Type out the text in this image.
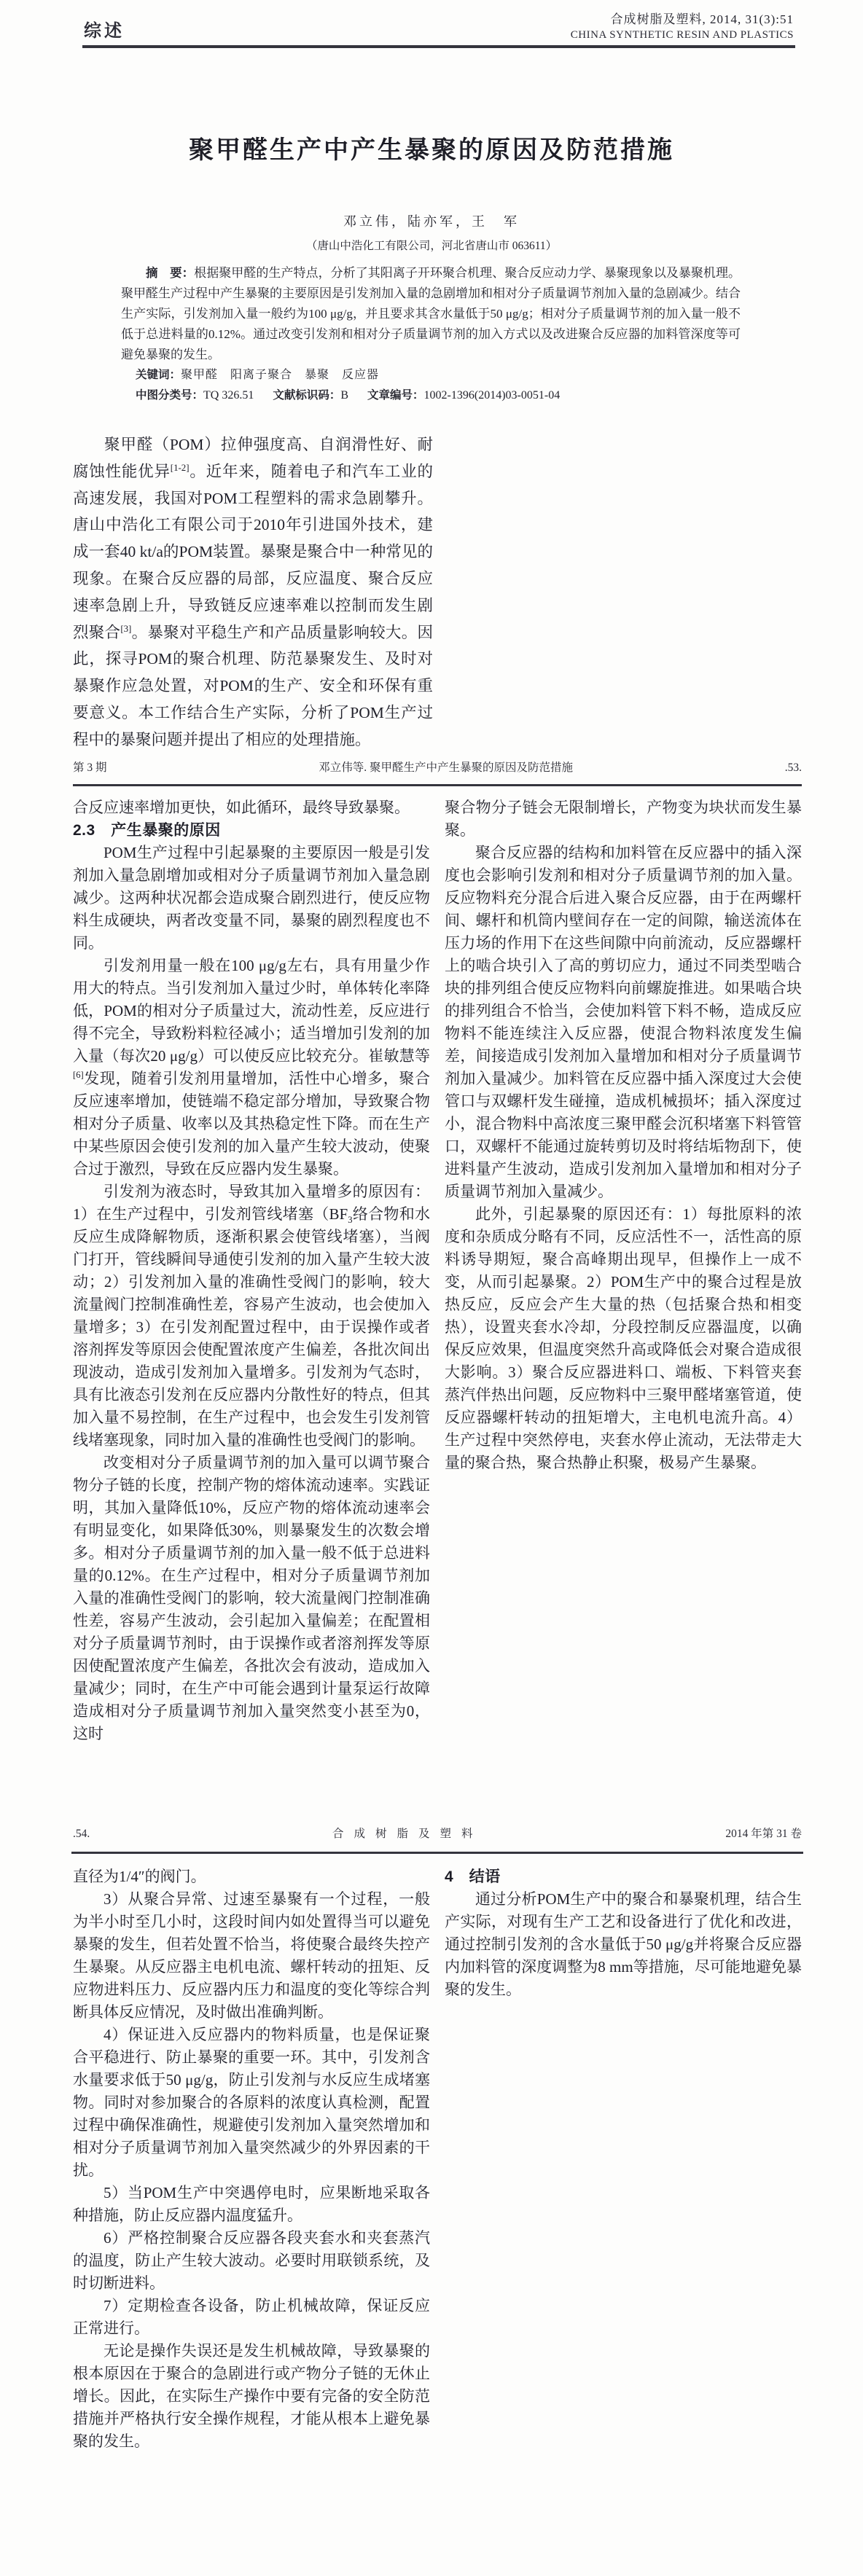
综述
合成树脂及塑料, 2014, 31(3):51
CHINA SYNTHETIC RESIN AND PLASTICS
聚甲醛生产中产生暴聚的原因及防范措施
邓立伟，陆亦军，王　军
（唐山中浩化工有限公司，河北省唐山市 063611）

摘　要：根据聚甲醛的生产特点，分析了其阳离子开环聚合机理、聚合反应动力学、暴聚现象以及暴聚机理。聚甲醛生产过程中产生暴聚的主要原因是引发剂加入量的急剧增加和相对分子质量调节剂加入量的急剧减少。结合生产实际，引发剂加入量一般约为100 μg/g，并且要求其含水量低于50 μg/g；相对分子质量调节剂的加入量一般不低于总进料量的0.12%。通过改变引发剂和相对分子质量调节剂的加入方式以及改进聚合反应器的加料管深度等可避免暴聚的发生。

关键词：聚甲醛　阳离子聚合　暴聚　反应器

中图分类号：TQ 326.51 文献标识码：B 文章编号：1002-1396(2014)03-0051-04

聚甲醛（POM）拉伸强度高、自润滑性好、耐腐蚀性能优异[1-2]。近年来，随着电子和汽车工业的高速发展，我国对POM工程塑料的需求急剧攀升。唐山中浩化工有限公司于2010年引进国外技术，建成一套40 kt/a的POM装置。暴聚是聚合中一种常见的现象。在聚合反应器的局部，反应温度、聚合反应速率急剧上升，导致链反应速率难以控制而发生剧烈聚合[3]。暴聚对平稳生产和产品质量影响较大。因此，探寻POM的聚合机理、防范暴聚发生、及时对暴聚作应急处置，对POM的生产、安全和环保有重要意义。本工作结合生产实际，分析了POM生产过程中的暴聚问题并提出了相应的处理措施。

第 3 期	邓立伟等. 聚甲醛生产中产生暴聚的原因及防范措施	.53.

合反应速率增加更快，如此循环，最终导致暴聚。

2.3　产生暴聚的原因

POM生产过程中引起暴聚的主要原因一般是引发剂加入量急剧增加或相对分子质量调节剂加入量急剧减少。这两种状况都会造成聚合剧烈进行，使反应物料生成硬块，两者改变量不同，暴聚的剧烈程度也不同。

引发剂用量一般在100 μg/g左右，具有用量少作用大的特点。当引发剂加入量过少时，单体转化率降低，POM的相对分子质量过大，流动性差，反应进行得不完全，导致粉料粒径减小；适当增加引发剂的加入量（每次20 μg/g）可以使反应比较充分。崔敏慧等[6]发现，随着引发剂用量增加，活性中心增多，聚合反应速率增加，使链端不稳定部分增加，导致聚合物相对分子质量、收率以及其热稳定性下降。而在生产中某些原因会使引发剂的加入量产生较大波动，使聚合过于激烈，导致在反应器内发生暴聚。

引发剂为液态时，导致其加入量增多的原因有：1）在生产过程中，引发剂管线堵塞（$BF_3$络合物和水反应生成降解物质，逐渐积累会使管线堵塞），当阀门打开，管线瞬间导通使引发剂的加入量产生较大波动；2）引发剂加入量的准确性受阀门的影响，较大流量阀门控制准确性差，容易产生波动，也会使加入量增多；3）在引发剂配置过程中，由于误操作或者溶剂挥发等原因会使配置浓度产生偏差，各批次间出现波动，造成引发剂加入量增多。引发剂为气态时，具有比液态引发剂在反应器内分散性好的特点，但其加入量不易控制，在生产过程中，也会发生引发剂管线堵塞现象，同时加入量的准确性也受阀门的影响。

改变相对分子质量调节剂的加入量可以调节聚合物分子链的长度，控制产物的熔体流动速率。实践证明，其加入量降低10%，反应产物的熔体流动速率会有明显变化，如果降低30%，则暴聚发生的次数会增多。相对分子质量调节剂的加入量一般不低于总进料量的0.12%。在生产过程中，相对分子质量调节剂加入量的准确性受阀门的影响，较大流量阀门控制准确性差，容易产生波动，会引起加入量偏差；在配置相对分子质量调节剂时，由于误操作或者溶剂挥发等原因使配置浓度产生偏差，各批次会有波动，造成加入量减少；同时，在生产中可能会遇到计量泵运行故障造成相对分子质量调节剂加入量突然变小甚至为0，这时

聚合物分子链会无限制增长，产物变为块状而发生暴聚。

聚合反应器的结构和加料管在反应器中的插入深度也会影响引发剂和相对分子质量调节剂的加入量。反应物料充分混合后进入聚合反应器，由于在两螺杆间、螺杆和机筒内壁间存在一定的间隙，输送流体在压力场的作用下在这些间隙中向前流动，反应器螺杆上的啮合块引入了高的剪切应力，通过不同类型啮合块的排列组合使反应物料向前螺旋推进。如果啮合块的排列组合不恰当，会使加料管下料不畅，造成反应物料不能连续注入反应器，使混合物料浓度发生偏差，间接造成引发剂加入量增加和相对分子质量调节剂加入量减少。加料管在反应器中插入深度过大会使管口与双螺杆发生碰撞，造成机械损坏；插入深度过小，混合物料中高浓度三聚甲醛会沉积堵塞下料管管口，双螺杆不能通过旋转剪切及时将结垢物刮下，使进料量产生波动，造成引发剂加入量增加和相对分子质量调节剂加入量减少。

此外，引起暴聚的原因还有：1）每批原料的浓度和杂质成分略有不同，反应活性不一，活性高的原料诱导期短，聚合高峰期出现早，但操作上一成不变，从而引起暴聚。2）POM生产中的聚合过程是放热反应，反应会产生大量的热（包括聚合热和相变热），设置夹套水冷却，分段控制反应器温度，以确保反应效果，但温度突然升高或降低会对聚合造成很大影响。3）聚合反应器进料口、端板、下料管夹套蒸汽伴热出问题，反应物料中三聚甲醛堵塞管道，使反应器螺杆转动的扭矩增大，主电机电流升高。4）生产过程中突然停电，夹套水停止流动，无法带走大量的聚合热，聚合热静止积聚，极易产生暴聚。

.54.	合成树脂及塑料	2014 年第 31 卷

直径为1/4″的阀门。

3）从聚合异常、过速至暴聚有一个过程，一般为半小时至几小时，这段时间内如处置得当可以避免暴聚的发生，但若处置不恰当，将使聚合最终失控产生暴聚。从反应器主电机电流、螺杆转动的扭矩、反应物进料压力、反应器内压力和温度的变化等综合判断具体反应情况，及时做出准确判断。

4）保证进入反应器内的物料质量，也是保证聚合平稳进行、防止暴聚的重要一环。其中，引发剂含水量要求低于50 μg/g，防止引发剂与水反应生成堵塞物。同时对参加聚合的各原料的浓度认真检测，配置过程中确保准确性，规避使引发剂加入量突然增加和相对分子质量调节剂加入量突然减少的外界因素的干扰。

5）当POM生产中突遇停电时，应果断地采取各种措施，防止反应器内温度猛升。

6）严格控制聚合反应器各段夹套水和夹套蒸汽的温度，防止产生较大波动。必要时用联锁系统，及时切断进料。

7）定期检查各设备，防止机械故障，保证反应正常进行。

无论是操作失误还是发生机械故障，导致暴聚的根本原因在于聚合的急剧进行或产物分子链的无休止增长。因此，在实际生产操作中要有完备的安全防范措施并严格执行安全操作规程，才能从根本上避免暴聚的发生。

4　结语

通过分析POM生产中的聚合和暴聚机理，结合生产实际，对现有生产工艺和设备进行了优化和改进，通过控制引发剂的含水量低于50 μg/g并将聚合反应器内加料管的深度调整为8 mm等措施，尽可能地避免暴聚的发生。
